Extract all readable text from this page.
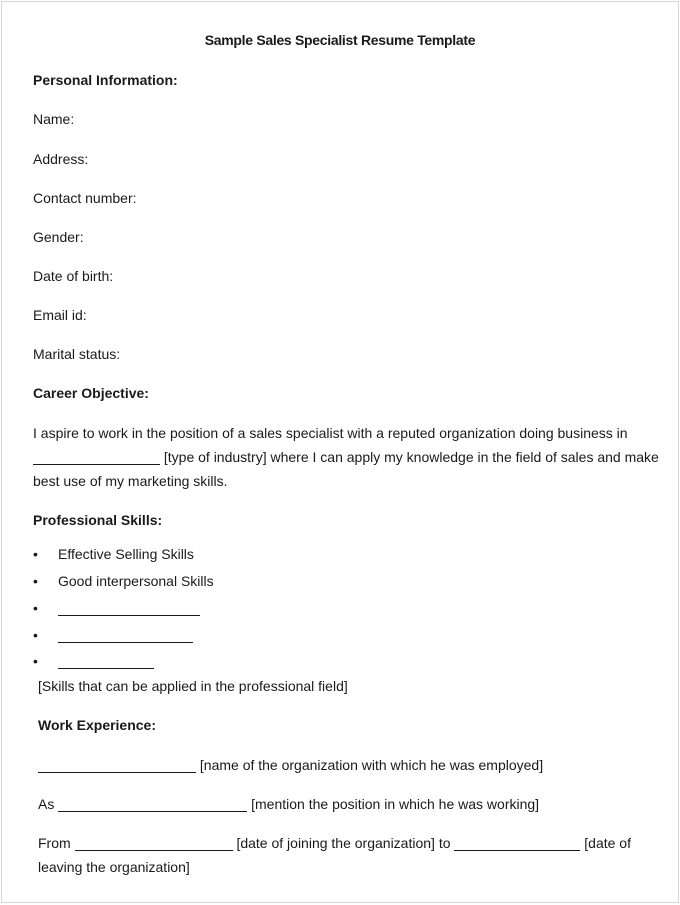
Sample Sales Specialist Resume Template
Personal Information:
Name:
Address:
Contact number:
Gender:
Date of birth:
Email id:
Marital status:
Career Objective:
I aspire to work in the position of a sales specialist with a reputed organization doing business in
[type of industry] where I can apply my knowledge in the field of sales and make
best use of my marketing skills.
Professional Skills:
• Effective Selling Skills
• Good interpersonal Skills
•
•
•
[Skills that can be applied in the professional field]
Work Experience:
[name of the organization with which he was employed]
As	[mention the position in which he was working]
From	[date of joining the organization] to	[date of
leaving the organization]
